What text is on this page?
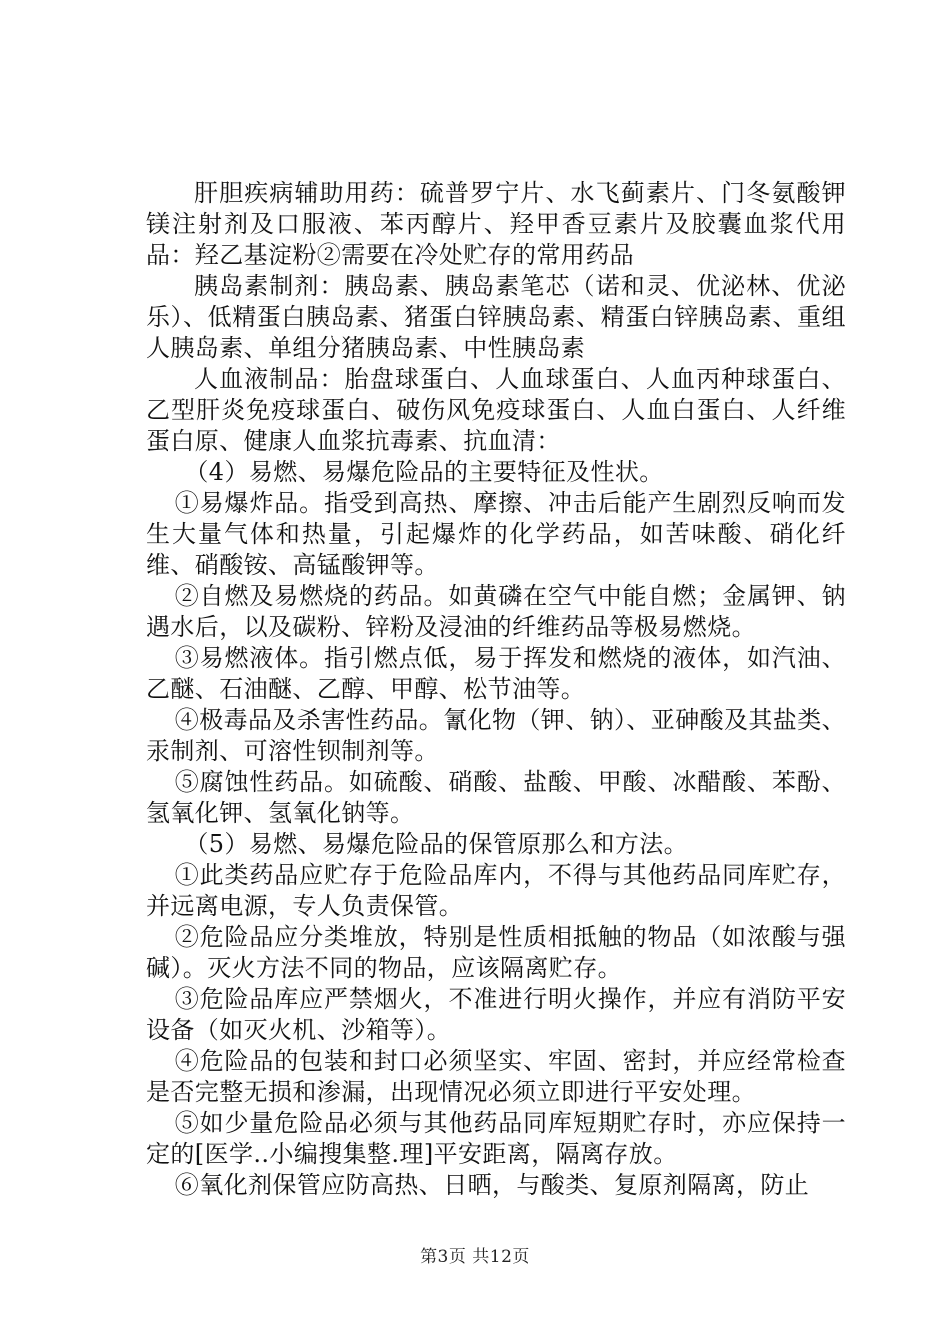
肝胆疾病辅助用药：硫普罗宁片、水飞蓟素片、门冬氨酸钾镁注射剂及口服液、苯丙醇片、羟甲香豆素片及胶囊血浆代用品：羟乙基淀粉②需要在冷处贮存的常用药品

胰岛素制剂：胰岛素、胰岛素笔芯（诺和灵、优泌林、优泌乐）、低精蛋白胰岛素、猪蛋白锌胰岛素、精蛋白锌胰岛素、重组人胰岛素、单组分猪胰岛素、中性胰岛素

人血液制品：胎盘球蛋白、人血球蛋白、人血丙种球蛋白、乙型肝炎免疫球蛋白、破伤风免疫球蛋白、人血白蛋白、人纤维蛋白原、健康人血浆抗毒素、抗血清：

（4）易燃、易爆危险品的主要特征及性状。

①易爆炸品。指受到高热、摩擦、冲击后能产生剧烈反响而发生大量气体和热量，引起爆炸的化学药品，如苦味酸、硝化纤维、硝酸铵、高锰酸钾等。

②自燃及易燃烧的药品。如黄磷在空气中能自燃；金属钾、钠遇水后，以及碳粉、锌粉及浸油的纤维药品等极易燃烧。

③易燃液体。指引燃点低，易于挥发和燃烧的液体，如汽油、乙醚、石油醚、乙醇、甲醇、松节油等。

④极毒品及杀害性药品。氰化物（钾、钠）、亚砷酸及其盐类、汞制剂、可溶性钡制剂等。

⑤腐蚀性药品。如硫酸、硝酸、盐酸、甲酸、冰醋酸、苯酚、氢氧化钾、氢氧化钠等。

（5）易燃、易爆危险品的保管原那么和方法。

①此类药品应贮存于危险品库内，不得与其他药品同库贮存，并远离电源，专人负责保管。

②危险品应分类堆放，特别是性质相抵触的物品（如浓酸与强碱）。灭火方法不同的物品，应该隔离贮存。

③危险品库应严禁烟火，不准进行明火操作，并应有消防平安设备（如灭火机、沙箱等）。

④危险品的包装和封口必须坚实、牢固、密封，并应经常检查是否完整无损和渗漏，出现情况必须立即进行平安处理。

⑤如少量危险品必须与其他药品同库短期贮存时，亦应保持一定的[医学..小编搜集整.理]平安距离，隔离存放。

⑥氧化剂保管应防高热、日晒，与酸类、复原剂隔离，防止

第3页 共12页
